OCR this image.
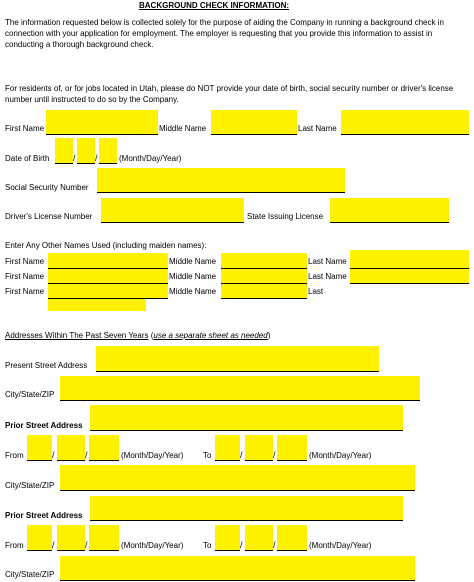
BACKGROUND CHECK INFORMATION:
The information requested below is collected solely for the purpose of aiding the Company in running a background check in connection with your application for employment. The employer is requesting that you provide this information to assist in conducting a thorough background check.
For residents of, or for jobs located in Utah, please do NOT provide your date of birth, social security number or driver's license number until instructed to do so by the Company.
First Name	Middle Name	Last Name
Date of Birth	/ /	(Month/Day/Year)
Social Security Number
Driver's License Number	State Issuing License
Enter Any Other Names Used (including maiden names):
First Name	Middle Name	Last Name
First Name	Middle Name	Last Name
First Name	Middle Name	Last
Addresses Within The Past Seven Years (use a separate sheet as needed)
Present Street Address
City/State/ZIP
Prior Street Address
From	/	/	(Month/Day/Year) To	/	/	(Month/Day/Year)
City/State/ZIP
Prior Street Address
From	/	/	(Month/Day/Year) To	/	/	(Month/Day/Year)
City/State/ZIP
